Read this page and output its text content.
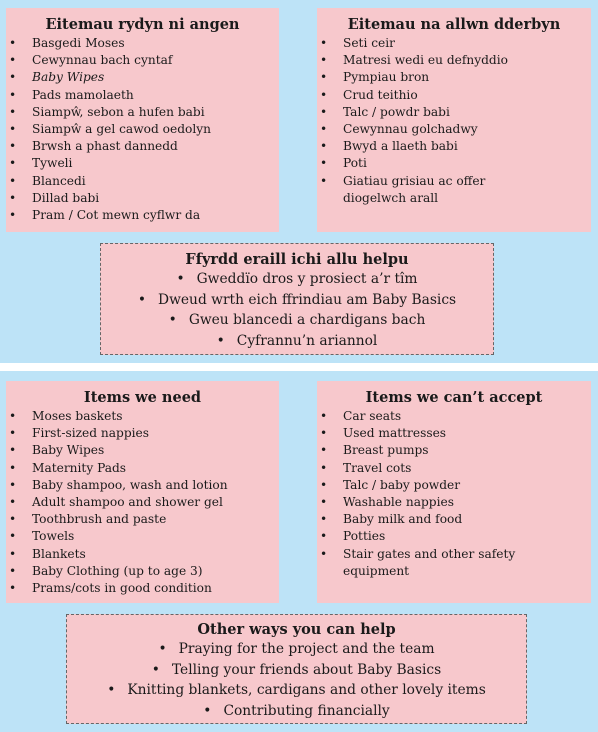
Eitemau rydyn ni angen
• Basgedi Moses
• Cewynnau bach cyntaf
• Baby Wipes
• Pads mamolaeth
• Siampŵ, sebon a hufen babi
• Siampŵ a gel cawod oedolyn
• Brwsh a phast dannedd
• Tyweli
• Blancedi
• Dillad babi
• Pram / Cot mewn cyflwr da
Eitemau na allwn dderbyn
• Seti ceir
• Matresi wedi eu defnyddio
• Pympiau bron
• Crud teithio
• Talc / powdr babi
• Cewynnau golchadwy
• Bwyd a llaeth babi
• Poti
• Giatiau grisiau ac offer
diogelwch arall
Ffyrdd eraill ichi allu helpu
• Gweddïo dros y prosiect a’r tîm
• Dweud wrth eich ffrindiau am Baby Basics
• Gweu blancedi a chardigans bach
• Cyfrannu’n ariannol
Items we need
• Moses baskets
• First-sized nappies
• Baby Wipes
• Maternity Pads
• Baby shampoo, wash and lotion
• Adult shampoo and shower gel
• Toothbrush and paste
• Towels
• Blankets
• Baby Clothing (up to age 3)
• Prams/cots in good condition
Items we can’t accept
• Car seats
• Used mattresses
• Breast pumps
• Travel cots
• Talc / baby powder
• Washable nappies
• Baby milk and food
• Potties
• Stair gates and other safety
equipment
Other ways you can help
• Praying for the project and the team
• Telling your friends about Baby Basics
• Knitting blankets, cardigans and other lovely items
• Contributing financially
